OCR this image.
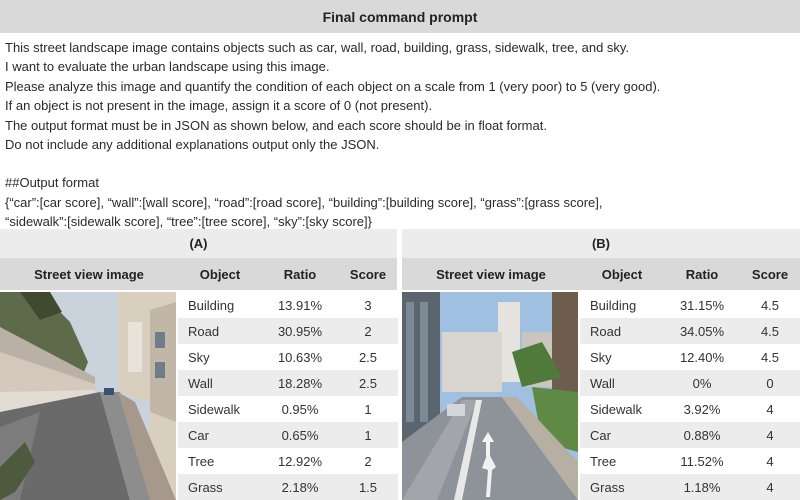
Final command prompt
This street landscape image contains objects such as car, wall, road, building, grass, sidewalk, tree, and sky.
I want to evaluate the urban landscape using this image.
Please analyze this image and quantify the condition of each object on a scale from 1 (very poor) to 5 (very good).
If an object is not present in the image, assign it a score of 0 (not present).
The output format must be in JSON as shown below, and each score should be in float format.
Do not include any additional explanations output only the JSON.
##Output format
{“car”:[car score], “wall”:[wall score], “road”:[road score], “building”:[building score], “grass”:[grass score],
“sidewalk”:[sidewalk score], “tree”:[tree score], “sky”:[sky score]}
(A)
Street view image	Object	Ratio	Score
Building	13.91%	3
Road	30.95%	2
Sky	10.63%	2.5
Wall	18.28%	2.5
Sidewalk	0.95%	1
Car	0.65%	1
Tree	12.92%	2
Grass	2.18%	1.5
(B)
Street view image	Object	Ratio	Score
Building	31.15%	4.5
Road	34.05%	4.5
Sky	12.40%	4.5
Wall	0%	0
Sidewalk	3.92%	4
Car	0.88%	4
Tree	11.52%	4
Grass	1.18%	4
